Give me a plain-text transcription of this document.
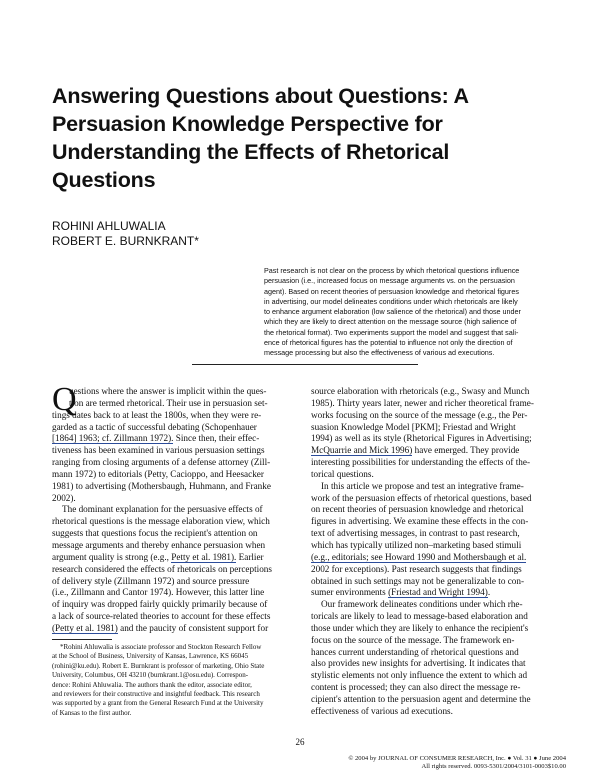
Answering Questions about Questions: A
Persuasion Knowledge Perspective for
Understanding the Effects of Rhetorical
Questions
ROHINI AHLUWALIA
ROBERT E. BURNKRANT*
Past research is not clear on the process by which rhetorical questions influence
persuasion (i.e., increased focus on message arguments vs. on the persuasion
agent). Based on recent theories of persuasion knowledge and rhetorical figures
in advertising, our model delineates conditions under which rhetoricals are likely
to enhance argument elaboration (low salience of the rhetorical) and those under
which they are likely to direct attention on the message source (high salience of
the rhetorical format). Two experiments support the model and suggest that sali-
ence of rhetorical figures has the potential to influence not only the direction of
message processing but also the effectiveness of various ad executions.
Q
uestions where the answer is implicit within the ques-
tion are termed rhetorical. Their use in persuasion set-
tings dates back to at least the 1800s, when they were re-
garded as a tactic of successful debating (Schopenhauer
[1864] 1963; cf. Zillmann 1972). Since then, their effec-
tiveness has been examined in various persuasion settings
ranging from closing arguments of a defense attorney (Zill-
mann 1972) to editorials (Petty, Cacioppo, and Heesacker
1981) to advertising (Mothersbaugh, Huhmann, and Franke
2002).
The dominant explanation for the persuasive effects of
rhetorical questions is the message elaboration view, which
suggests that questions focus the recipient's attention on
message arguments and thereby enhance persuasion when
argument quality is strong (e.g., Petty et al. 1981). Earlier
research considered the effects of rhetoricals on perceptions
of delivery style (Zillmann 1972) and source pressure
(i.e., Zillmann and Cantor 1974). However, this latter line
of inquiry was dropped fairly quickly primarily because of
a lack of source-related theories to account for these effects
(Petty et al. 1981) and the paucity of consistent support for
source elaboration with rhetoricals (e.g., Swasy and Munch
1985). Thirty years later, newer and richer theoretical frame-
works focusing on the source of the message (e.g., the Per-
suasion Knowledge Model [PKM]; Friestad and Wright
1994) as well as its style (Rhetorical Figures in Advertising;
McQuarrie and Mick 1996) have emerged. They provide
interesting possibilities for understanding the effects of the-
torical questions.
In this article we propose and test an integrative frame-
work of the persuasion effects of rhetorical questions, based
on recent theories of persuasion knowledge and rhetorical
figures in advertising. We examine these effects in the con-
text of advertising messages, in contrast to past research,
which has typically utilized non–marketing based stimuli
(e.g., editorials; see Howard 1990 and Mothersbaugh et al.
2002 for exceptions). Past research suggests that findings
obtained in such settings may not be generalizable to con-
sumer environments (Friestad and Wright 1994).
Our framework delineates conditions under which rhe-
toricals are likely to lead to message-based elaboration and
those under which they are likely to enhance the recipient's
focus on the source of the message. The framework en-
hances current understanding of rhetorical questions and
also provides new insights for advertising. It indicates that
stylistic elements not only influence the extent to which ad
content is processed; they can also direct the message re-
cipient's attention to the persuasion agent and determine the
effectiveness of various ad executions.
*Rohini Ahluwalia is associate professor and Stockton Research Fellow
at the School of Business, University of Kansas, Lawrence, KS 66045
(rohini@ku.edu). Robert E. Burnkrant is professor of marketing, Ohio State
University, Columbus, OH 43210 (burnkrant.1@osu.edu). Correspon-
dence: Rohini Ahluwalia. The authors thank the editor, associate editor,
and reviewers for their constructive and insightful feedback. This research
was supported by a grant from the General Research Fund at the University
of Kansas to the first author.
26
© 2004 by JOURNAL OF CONSUMER RESEARCH, Inc. ● Vol. 31 ● June 2004
All rights reserved. 0093-5301/2004/3101-0003$10.00
